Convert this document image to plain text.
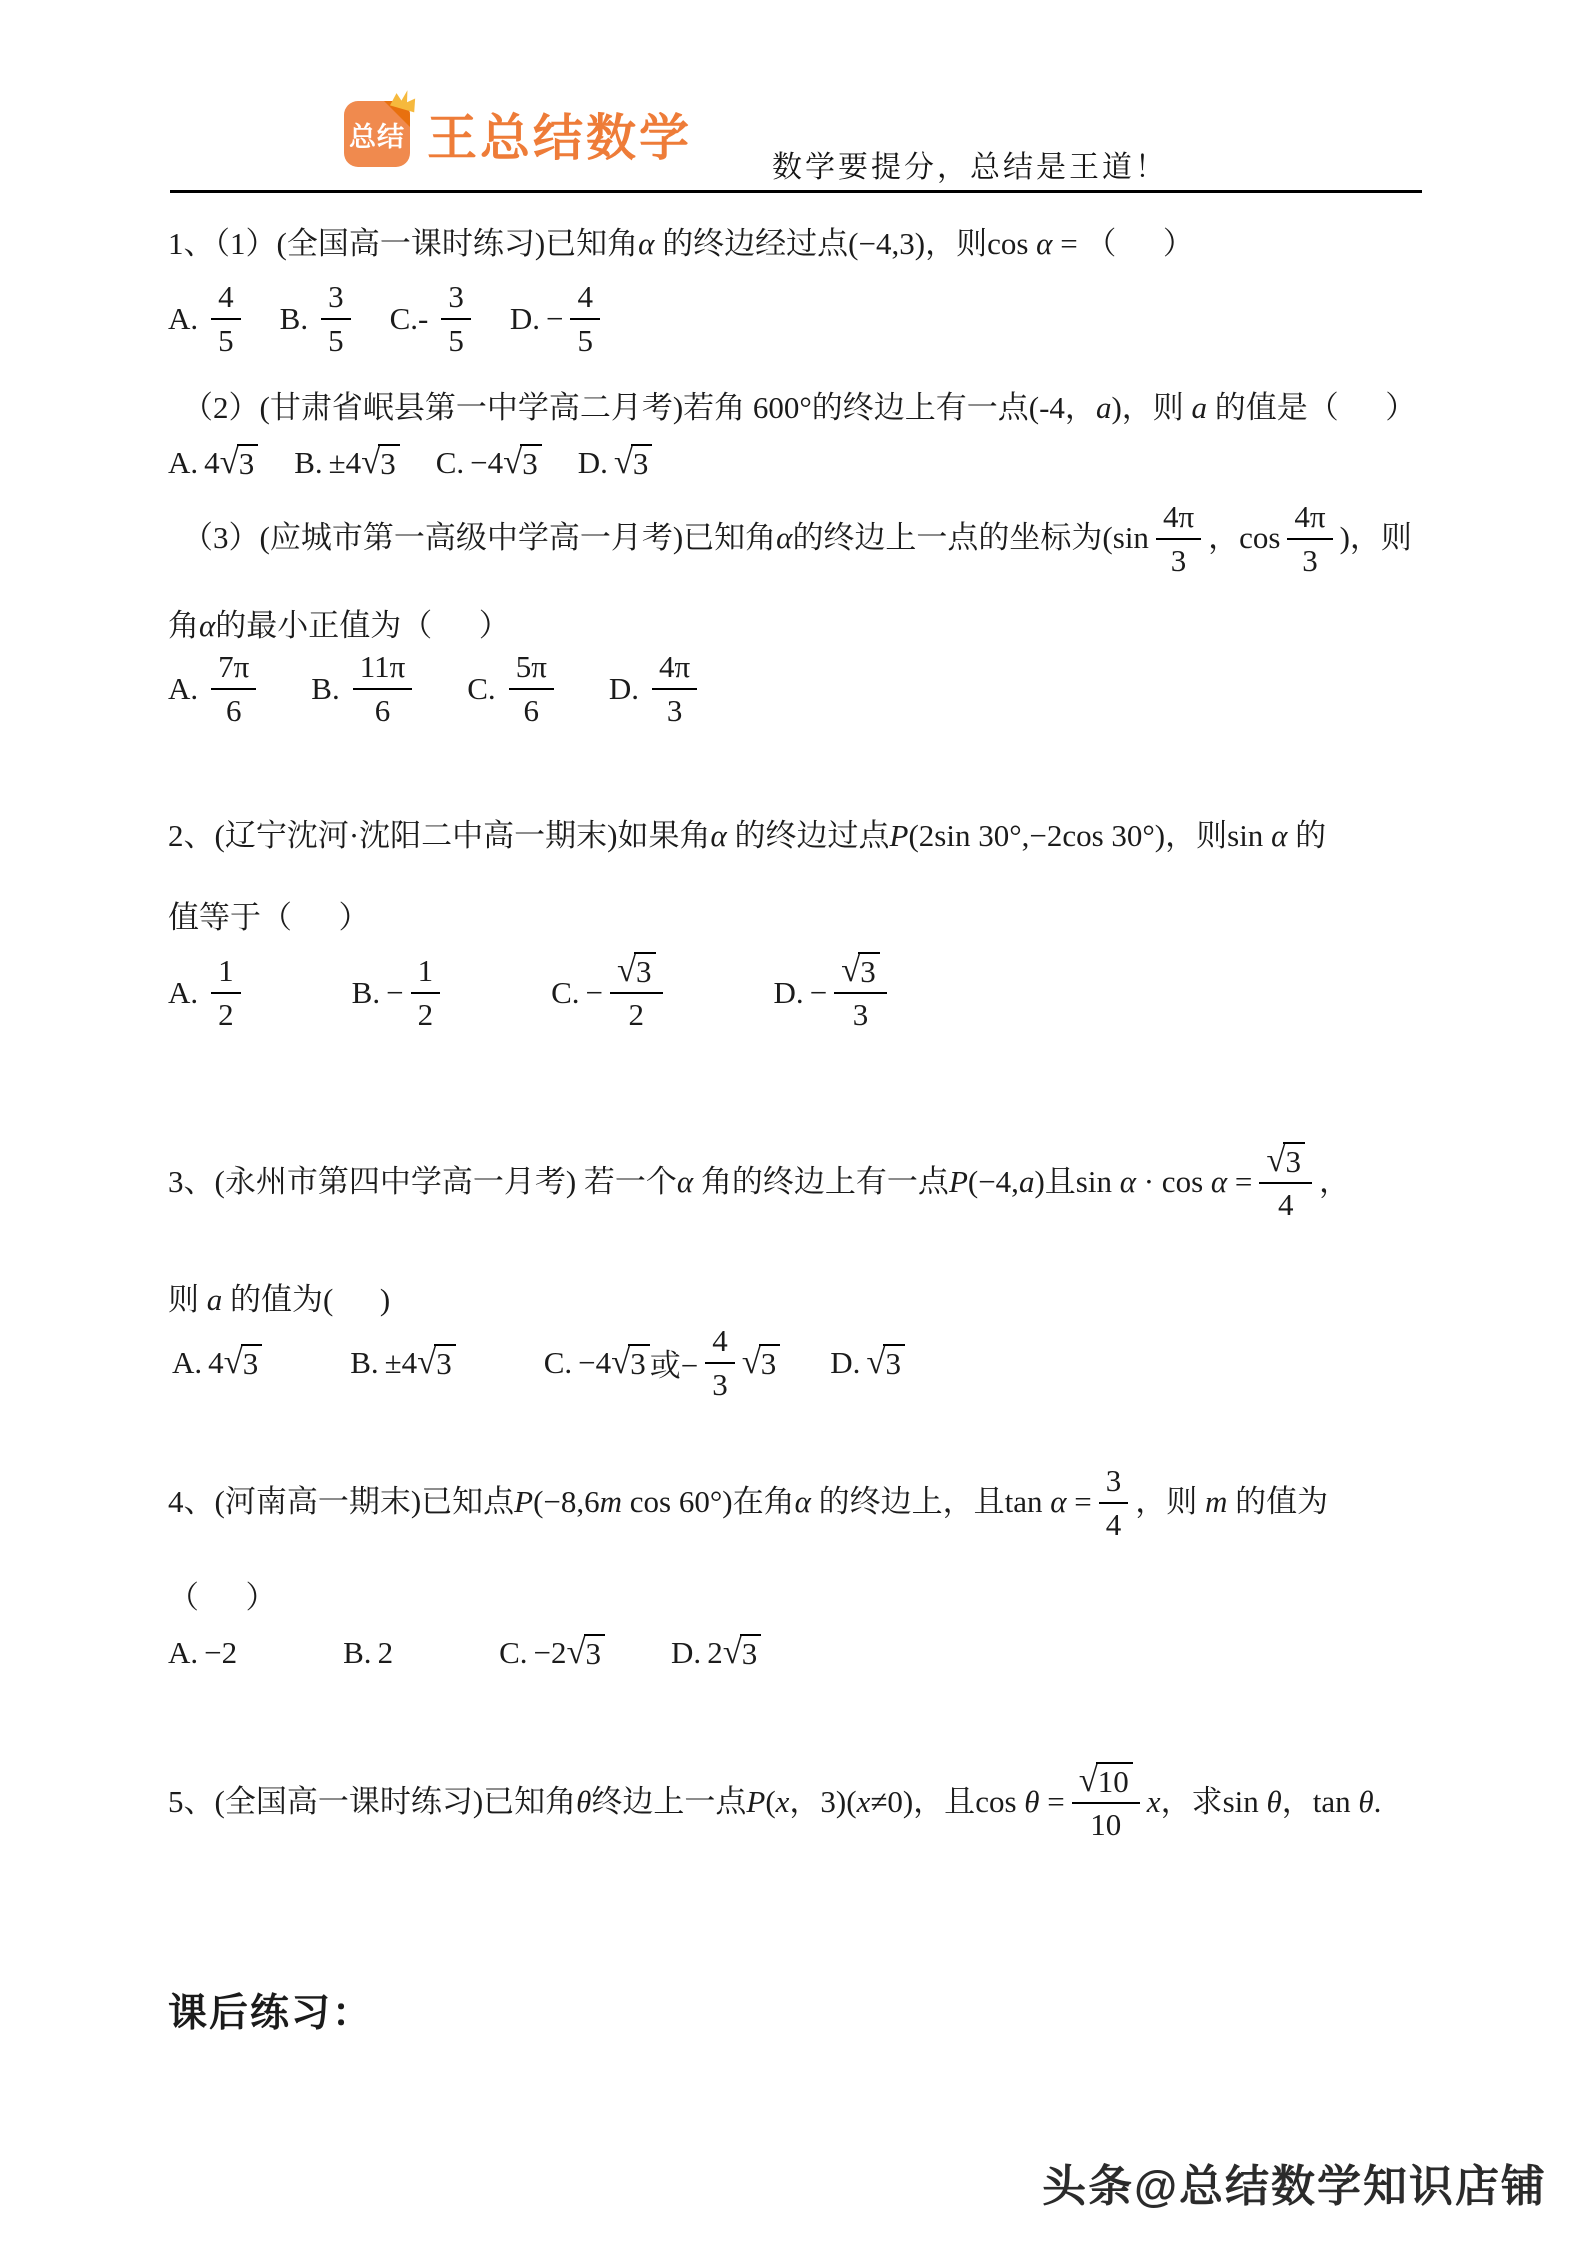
总结 王总结数学
数学要提分，总结是王道！
1、（1）(全国高一课时练习)已知角 α 的终边经过点(−4,3)，则 cos α = （      ）
A. $\frac{4}{5} B$. $\frac{3}{5} C.- \frac{3}{5} D$. − $\frac{4}{5}$
（2）(甘肃省岷县第一中学高二月考)若角 600°的终边上有一点(-4， a )，则 a 的值是（      ）
A. 4 √ 3 B. ±4 √ 3 C. −4 √ 3 D. √ 3
（3）(应城市第一高级中学高一月考)已知角 α 的终边上一点的坐标为($\sin \frac{4\pi}{3}$ ，$\cos \frac{4\pi}{3}$ )，则
角 α 的最小正值为（      ）
A. $\frac{7\pi}{6} B$. $\frac{11\pi}{6} C$. $\frac{5\pi}{6} D$. $\frac{4\pi}{3}$
2、(辽宁沈河·沈阳二中高一期末)如果角 α 的终边过点 P (2sin 30°,−2cos 30°) ，则 sin α 的
值等于（      ）
A. $\frac{1}{2}$	B. − $\frac{1}{2}$	C. − $\frac{√ 3}{2}$	D. − $\frac{√ 3}{3}$
3、(永州市第四中学高一月考) 若一个 α 角的终边上有一点 P (−4, a ) 且 $\sin \alpha \cdot \cos \alpha = \frac{√ 3}{4}$ ，
则 a 的值为(      )
A. 4 √ 3	B. ±4 √ 3	C. −4 √ 3 或− $\frac{4}{3}$ √ 3 D. √ 3
4、(河南高一期末)已知点 P (−8,6 m cos 60°) 在角 α 的终边上，且 $\tan \alpha = \frac{3}{4}$ ，则 m 的值为
（      ）
A. −2	B. 2	C. −2 √ 3 D. 2 √ 3
5、(全国高一课时练习)已知角 θ 终边上一点 P ( x ，3)( x ≠0)，且 $\cos \theta = \frac{√ 10}{10}$ x ，求 sin θ ， tan θ .
课后练习：
头条@总结数学知识店铺
